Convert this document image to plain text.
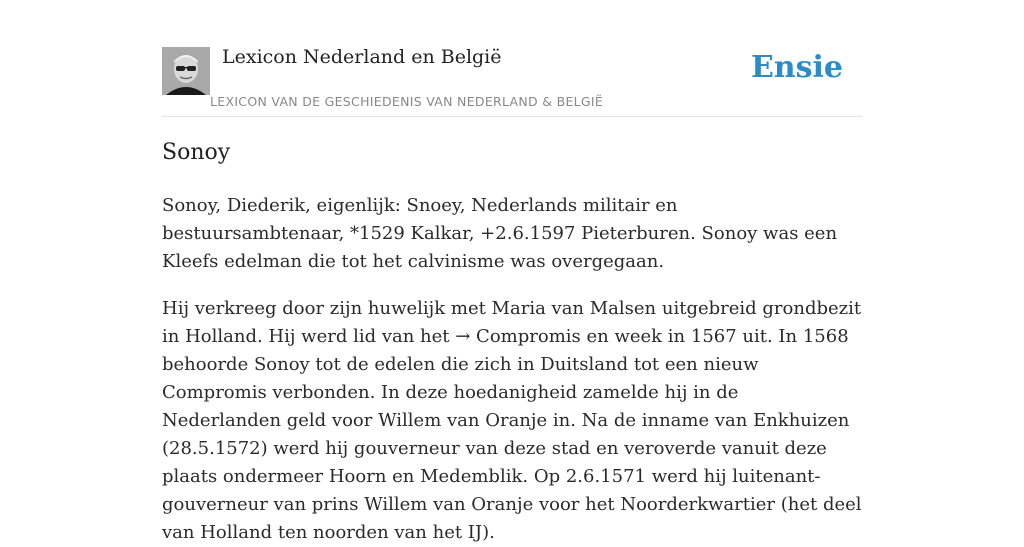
Lexicon Nederland en België
LEXICON VAN DE GESCHIEDENIS VAN NEDERLAND & BELGIË
Ensie
Sonoy

Sonoy, Diederik, eigenlijk: Snoey, Nederlands militair en bestuursambtenaar, *1529 Kalkar, +2.6.1597 Pieterburen. Sonoy was een Kleefs edelman die tot het calvinisme was overgegaan.

Hij verkreeg door zijn huwelijk met Maria van Malsen uitgebreid grondbezit in Holland. Hij werd lid van het → Compromis en week in 1567 uit. In 1568 behoorde Sonoy tot de edelen die zich in Duitsland tot een nieuw Compromis verbonden. In deze hoedanigheid zamelde hij in de Nederlanden geld voor Willem van Oranje in. Na de inname van Enkhuizen (28.5.1572) werd hij gouverneur van deze stad en veroverde vanuit deze plaats ondermeer Hoorn en Medemblik. Op 2.6.1571 werd hij luitenant-gouverneur van prins Willem van Oranje voor het Noorderkwartier (het deel van Holland ten noorden van het IJ).
